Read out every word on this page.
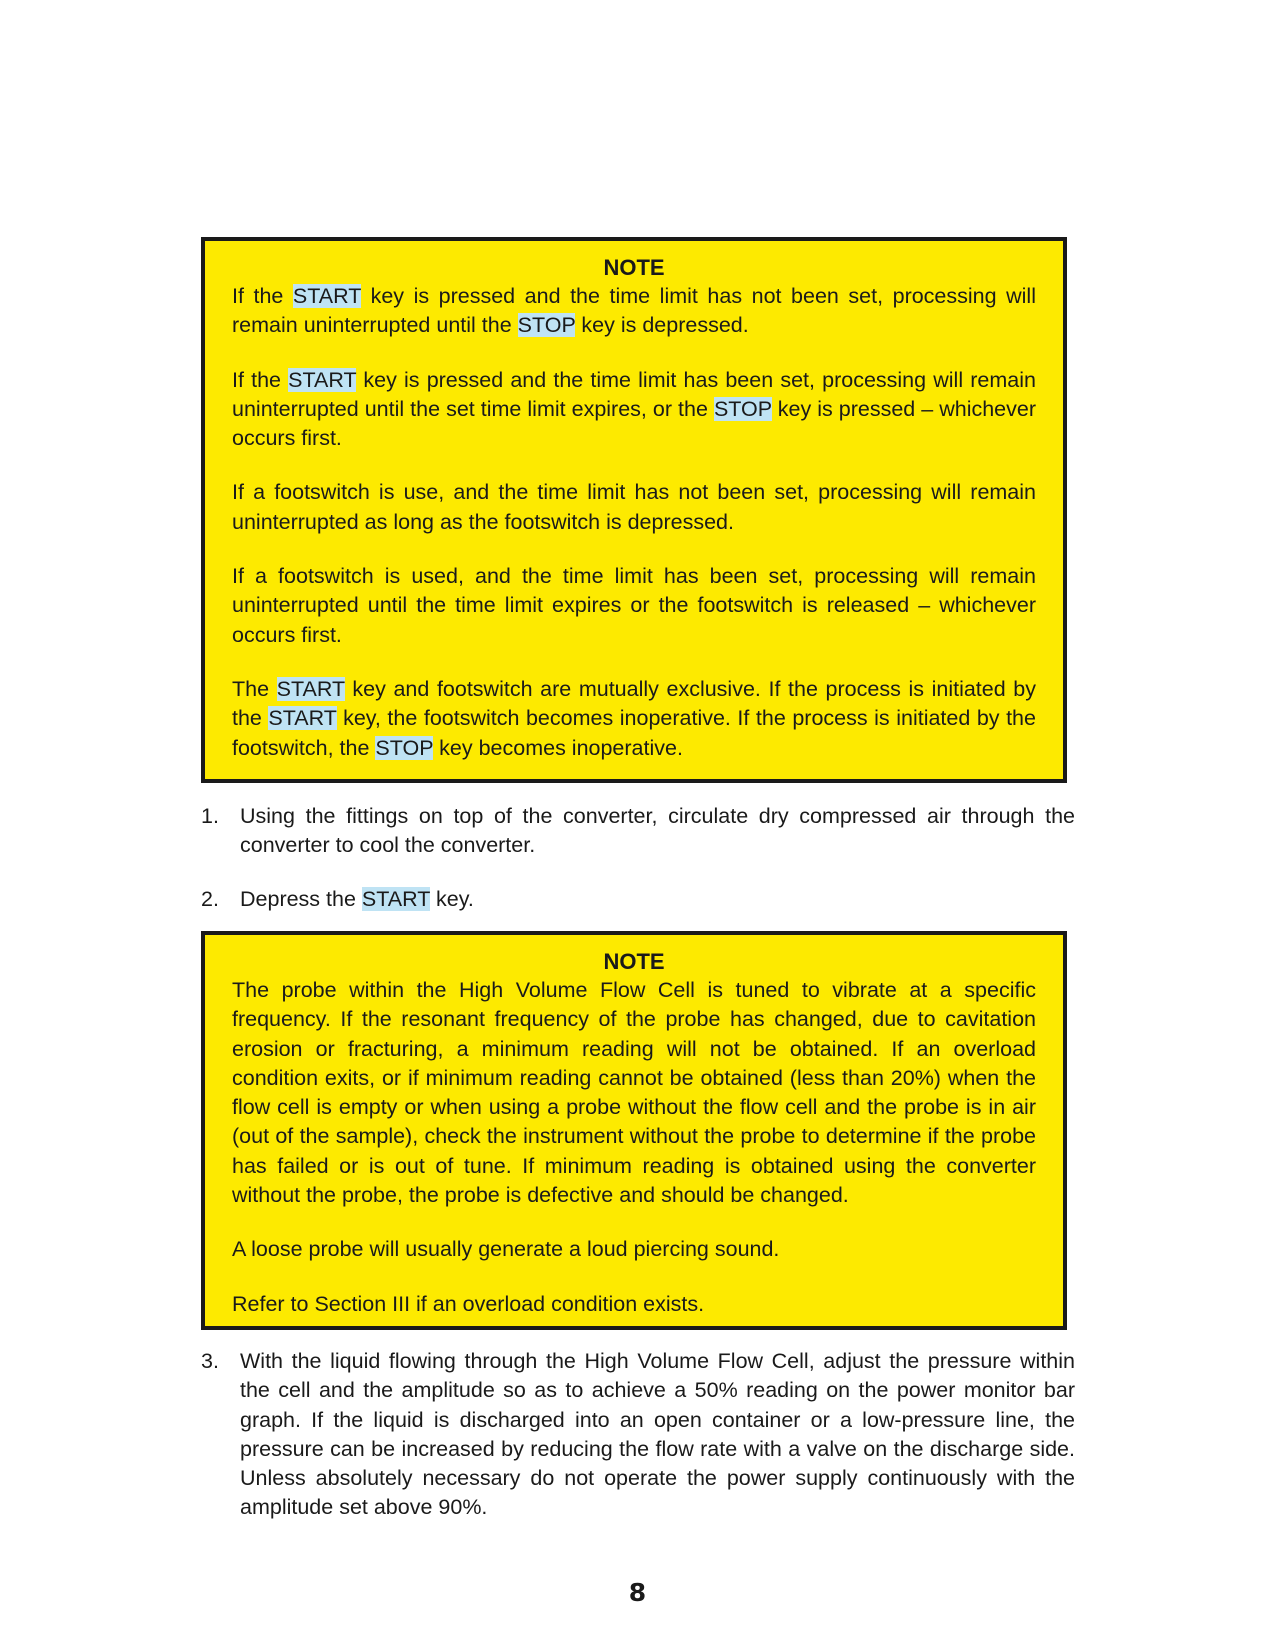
NOTE

If the START key is pressed and the time limit has not been set, processing will remain uninterrupted until the STOP key is depressed.

If the START key is pressed and the time limit has been set, processing will remain uninterrupted until the set time limit expires, or the STOP key is pressed – whichever occurs first.

If a footswitch is use, and the time limit has not been set, processing will remain uninterrupted as long as the footswitch is depressed.

If a footswitch is used, and the time limit has been set, processing will remain uninterrupted until the time limit expires or the footswitch is released – whichever occurs first.

The START key and footswitch are mutually exclusive. If the process is initiated by the START key, the footswitch becomes inoperative. If the process is initiated by the footswitch, the STOP key becomes inoperative.

1. Using the fittings on top of the converter, circulate dry compressed air through the converter to cool the converter.
2. Depress the START key.

NOTE

The probe within the High Volume Flow Cell is tuned to vibrate at a specific frequency. If the resonant frequency of the probe has changed, due to cavitation erosion or fracturing, a minimum reading will not be obtained. If an overload condition exits, or if minimum reading cannot be obtained (less than 20%) when the flow cell is empty or when using a probe without the flow cell and the probe is in air (out of the sample), check the instrument without the probe to determine if the probe has failed or is out of tune. If minimum reading is obtained using the converter without the probe, the probe is defective and should be changed.

A loose probe will usually generate a loud piercing sound.

Refer to Section III if an overload condition exists.

3. With the liquid flowing through the High Volume Flow Cell, adjust the pressure within the cell and the amplitude so as to achieve a 50% reading on the power monitor bar graph. If the liquid is discharged into an open container or a low-pressure line, the pressure can be increased by reducing the flow rate with a valve on the discharge side. Unless absolutely necessary do not operate the power supply continuously with the amplitude set above 90%.
8
